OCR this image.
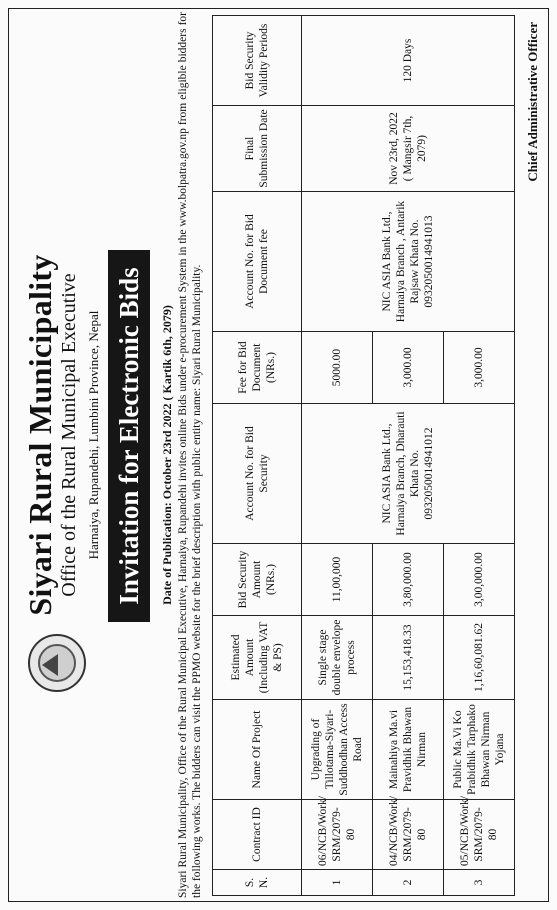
Siyari Rural Municipality Office of the Rural Municipal Executive Harnaiya, Rupandehi, Lumbini Province, Nepal Invitation for Electronic Bids	Date of Publication: October 23rd 2022 ( Kartik 6th, 2079) Siyari Rural Municipality, Office of the Rural Municipal Executive, Harnaiya, Rupandehi invites online Bids under e-procurement System in the www.bolpatra.gov.np from eligible bidders for the following works. The bidders can visit the PPMO website for the brief description with public entity name: Siyari Rural Municipality.	S. N.	Contract ID	Name Of Project	Estimated Amount (Including VAT & PS)	Bid Security Amount (NRs.)	Account No. for Bid Security	Fee for Bid Document (NRs.)	Account No. for Bid Document fee	Final Submission Date	Bid Security Validity Periods
1	06/NCB/Work/ SRM/2079-80	Upgrading of Tillotama-Siyari-Suddhodhan Access Road	Single stage double envelope process	11,00,000	NIC ASIA Bank Ltd., Harnaiya Branch, Dharauti Khata No. 0932050014941012	5000.00	NIC ASIA Bank Ltd., Harnaiya Branch , Antarik Rajsaw Khata No. 0932050014941013	Nov 23rd, 2022 ( Mangsir 7th, 2079)	120 Days
2	04/NCB/Work/ SRM/2079-80	Mainahiya Ma.vi Pravidhik Bhawan Nirman	15,153,418.33	3,80,000.00		3,000.00			
3	05/NCB/Work/ SRM/2079-80	Public Ma.Vi Ko Prabidhik Tarphako Bhawan Nirman Yojana	1,16,60,081.62	3,00,000.00		3,000.00			
Chief Administrative Officer
